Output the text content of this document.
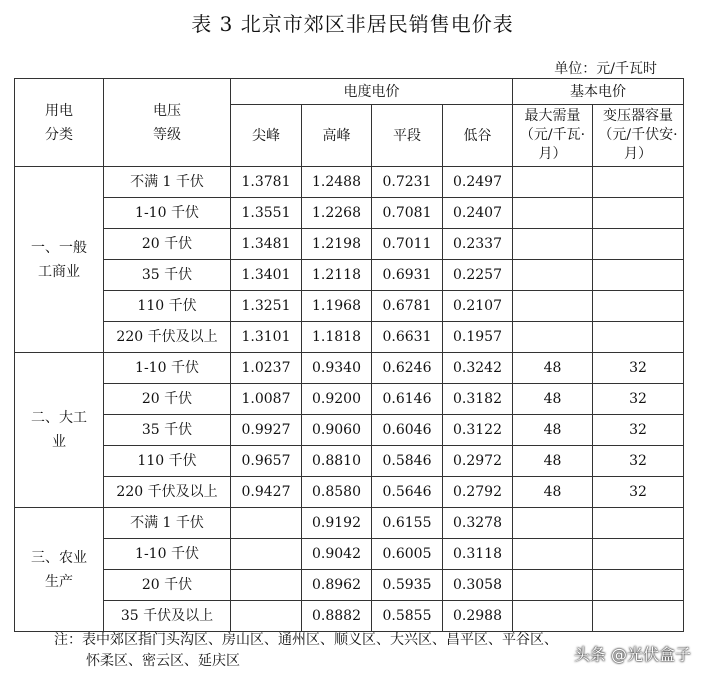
表 3 北京市郊区非居民销售电价表
单位：元/千瓦时
用电
分类	电压
等级	电度电价				基本电价	
		尖峰	高峰	平段	低谷	最大需量（元/千瓦·月）	变压器容量（元/千伏安·月）
一、一般工商业	不满 1 千伏	1.3781	1.2488	0.7231	0.2497		
	1-10 千伏	1.3551	1.2268	0.7081	0.2407		
	20 千伏	1.3481	1.2198	0.7011	0.2337		
	35 千伏	1.3401	1.2118	0.6931	0.2257		
	110 千伏	1.3251	1.1968	0.6781	0.2107		
	220 千伏及以上	1.3101	1.1818	0.6631	0.1957		
二、大工业	1-10 千伏	1.0237	0.9340	0.6246	0.3242	48	32
	20 千伏	1.0087	0.9200	0.6146	0.3182	48	32
	35 千伏	0.9927	0.9060	0.6046	0.3122	48	32
	110 千伏	0.9657	0.8810	0.5846	0.2972	48	32
	220 千伏及以上	0.9427	0.8580	0.5646	0.2792	48	32
三、农业生产	不满 1 千伏		0.9192	0.6155	0.3278		
	1-10 千伏		0.9042	0.6005	0.3118		
	20 千伏		0.8962	0.5935	0.3058		
	35 千伏及以上		0.8882	0.5855	0.2988		
注：表中郊区指门头沟区、房山区、通州区、顺义区、大兴区、昌平区、平谷区、
怀柔区、密云区、延庆区	头条 @光伏盒子
